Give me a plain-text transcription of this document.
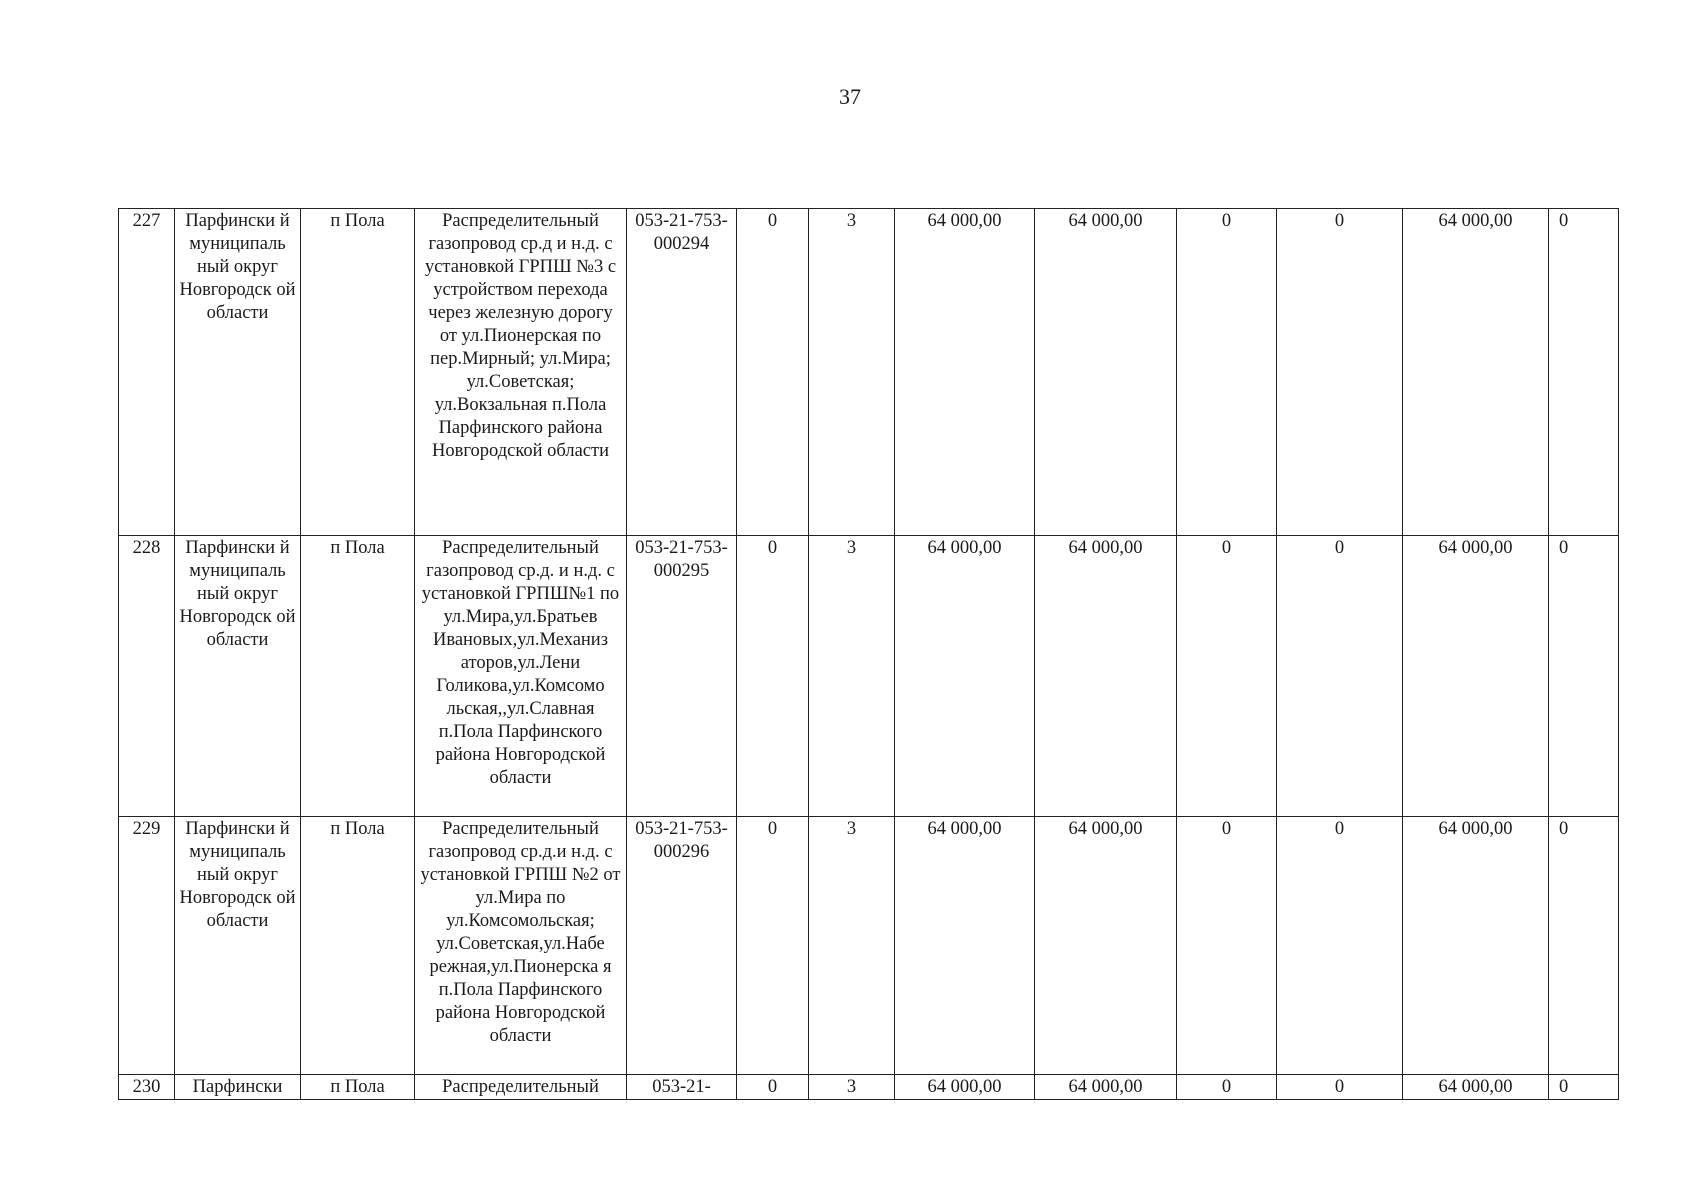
37
227	Парфински й муниципаль ный округ Новгородск ой области	п Пола	Распределительный газопровод ср.д и н.д. с установкой ГРПШ №3 с устройством перехода через железную дорогу от ул.Пионерская по пер.Мирный; ул.Мира; ул.Советская; ул.Вокзальная п.Пола Парфинского района Новгородской области	053-21-753-000294	0	3	64 000,00	64 000,00	0	0	64 000,00	0
228	Парфински й муниципаль ный округ Новгородск ой области	п Пола	Распределительный газопровод ср.д. и н.д. с установкой ГРПШ№1 по ул.Мира,ул.Братьев Ивановых,ул.Механиз аторов,ул.Лени Голикова,ул.Комсомо льская,,ул.Славная п.Пола Парфинского района Новгородской области	053-21-753-000295	0	3	64 000,00	64 000,00	0	0	64 000,00	0
229	Парфински й муниципаль ный округ Новгородск ой области	п Пола	Распределительный газопровод ср.д.и н.д. с установкой ГРПШ №2 от ул.Мира по ул.Комсомольская; ул.Советская,ул.Набе режная,ул.Пионерска я п.Пола Парфинского района Новгородской области	053-21-753-000296	0	3	64 000,00	64 000,00	0	0	64 000,00	0
230	Парфински	п Пола	Распределительный	053-21-	0	3	64 000,00	64 000,00	0	0	64 000,00	0
